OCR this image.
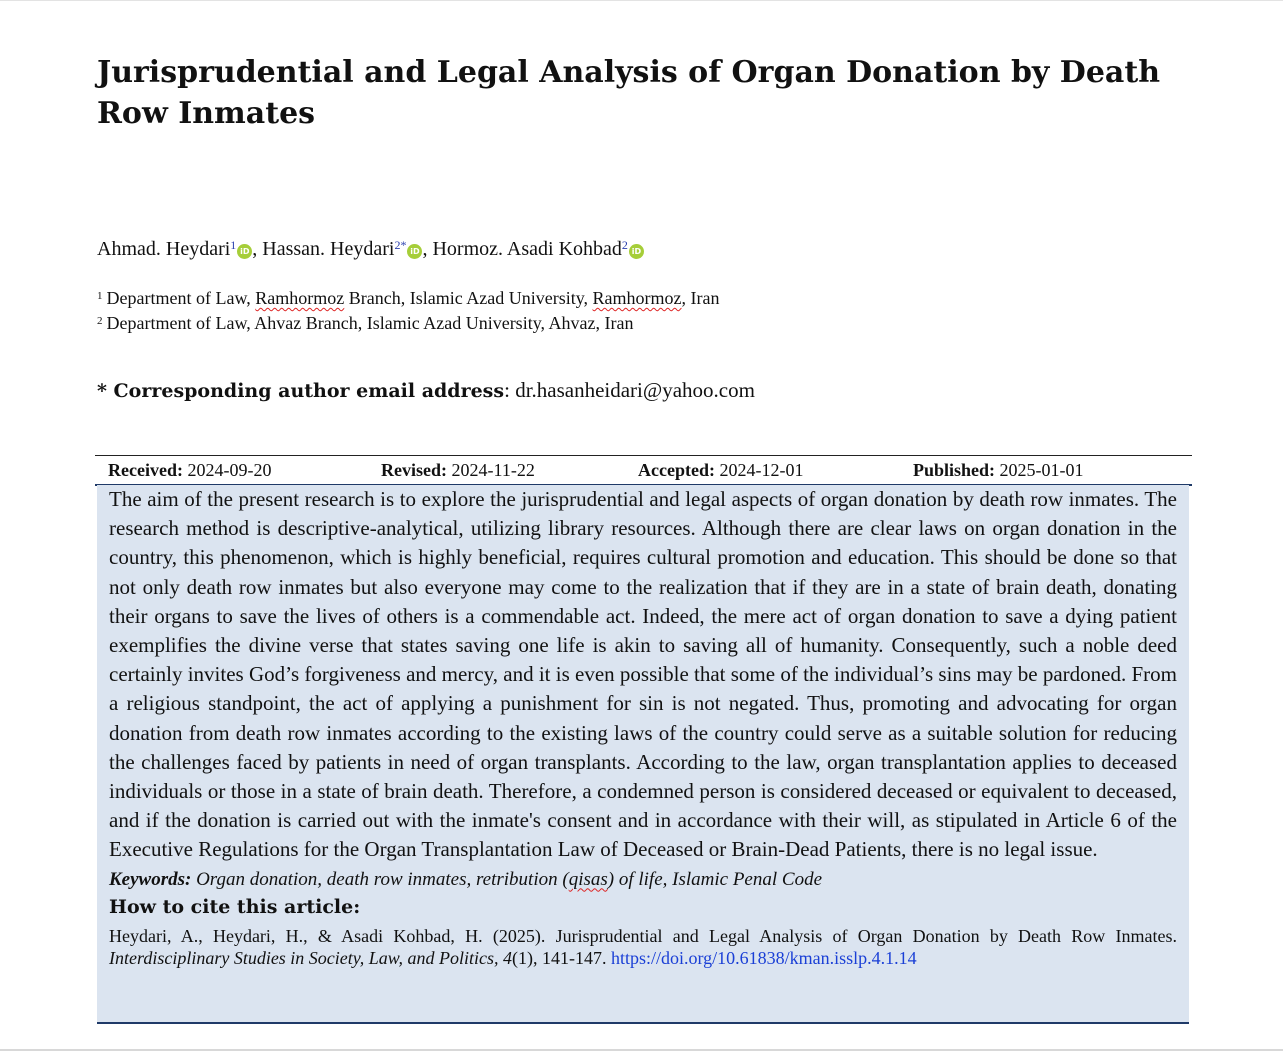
Jurisprudential and Legal Analysis of Organ Donation by Death Row Inmates
Ahmad. Heydari$^1$ iD , Hassan. Heydari$^{2*}$ iD , Hormoz. Asadi Kohbad$^2$ iD
$^1$ Department of Law, Ramhormoz Branch, Islamic Azad University, Ramhormoz, Iran
$^2$ Department of Law, Ahvaz Branch, Islamic Azad University, Ahvaz, Iran
* Corresponding author email address: dr.hasanheidari@yahoo.com
Received: 2024-09-20	Revised: 2024-11-22	Accepted: 2024-12-01	Published: 2025-01-01

The aim of the present research is to explore the jurisprudential and legal aspects of organ donation by death row inmates. The research method is descriptive-analytical, utilizing library resources. Although there are clear laws on organ donation in the country, this phenomenon, which is highly beneficial, requires cultural promotion and education. This should be done so that not only death row inmates but also everyone may come to the realization that if they are in a state of brain death, donating their organs to save the lives of others is a commendable act. Indeed, the mere act of organ donation to save a dying patient exemplifies the divine verse that states saving one life is akin to saving all of humanity. Consequently, such a noble deed certainly invites God’s forgiveness and mercy, and it is even possible that some of the individual’s sins may be pardoned. From a religious standpoint, the act of applying a punishment for sin is not negated. Thus, promoting and advocating for organ donation from death row inmates according to the existing laws of the country could serve as a suitable solution for reducing the challenges faced by patients in need of organ transplants. According to the law, organ transplantation applies to deceased individuals or those in a state of brain death. Therefore, a condemned person is considered deceased or equivalent to deceased, and if the donation is carried out with the inmate's consent and in accordance with their will, as stipulated in Article 6 of the Executive Regulations for the Organ Transplantation Law of Deceased or Brain-Dead Patients, there is no legal issue.

Keywords: Organ donation, death row inmates, retribution (qisas) of life, Islamic Penal Code
How to cite this article:
Heydari, A., Heydari, H., & Asadi Kohbad, H. (2025). Jurisprudential and Legal Analysis of Organ Donation by Death Row Inmates. Interdisciplinary Studies in Society, Law, and Politics, 4(1), 141-147. https://doi.org/10.61838/kman.isslp.4.1.14
